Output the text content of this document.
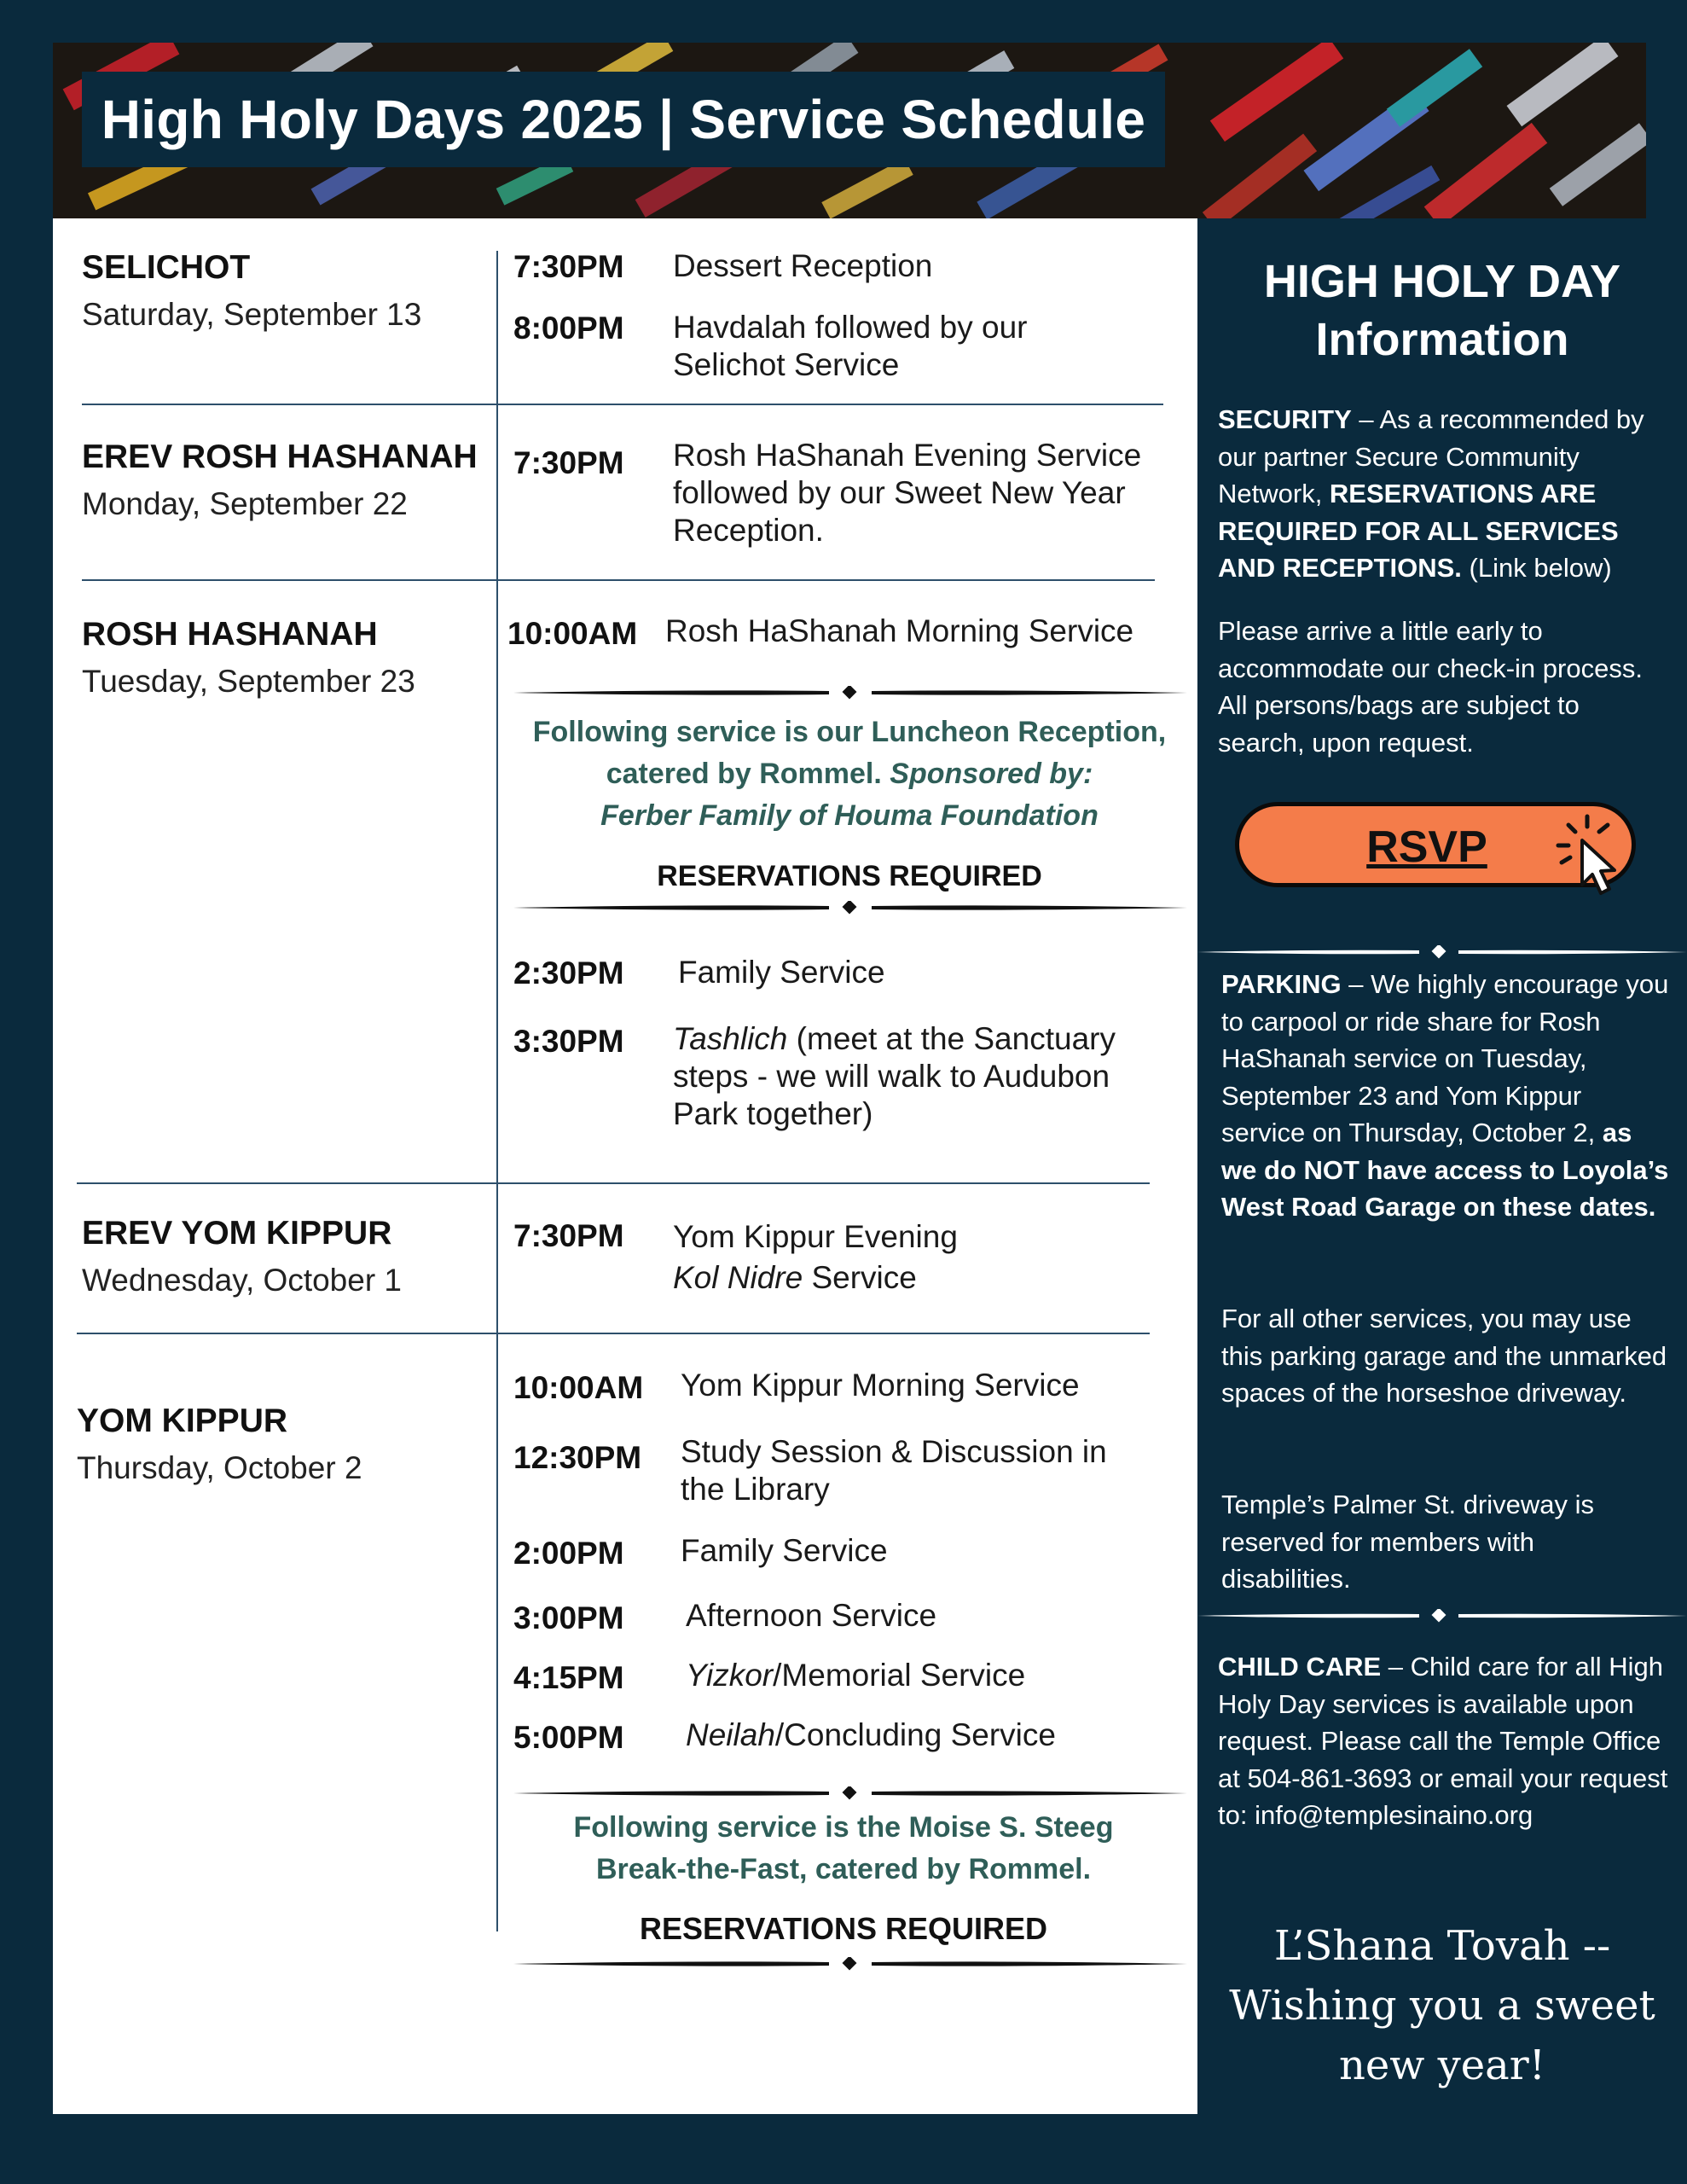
High Holy Days 2025 | Service Schedule
SELICHOT
Saturday, September 13
7:30PM Dessert Reception
8:00PM Havdalah followed by our
Selichot Service
EREV ROSH HASHANAH
Monday, September 22
7:30PM Rosh HaShanah Evening Service
followed by our Sweet New Year
Reception.
ROSH HASHANAH
Tuesday, September 23
10:00AM Rosh HaShanah Morning Service
Following service is our Luncheon Reception,
catered by Rommel. Sponsored by:
Ferber Family of Houma Foundation
RESERVATIONS REQUIRED
2:30PM Family Service
3:30PM Tashlich (meet at the Sanctuary
steps - we will walk to Audubon
Park together)
EREV YOM KIPPUR
Wednesday, October 1
7:30PM Yom Kippur Evening
Kol Nidre Service
YOM KIPPUR
Thursday, October 2
10:00AM Yom Kippur Morning Service
12:30PM Study Session & Discussion in
the Library
2:00PM Family Service
3:00PM Afternoon Service
4:15PM Yizkor/Memorial Service
5:00PM Neilah/Concluding Service
Following service is the Moise S. Steeg
Break-the-Fast, catered by Rommel.
RESERVATIONS REQUIRED
HIGH HOLY DAY
Information
SECURITY – As a recommended by our partner Secure Community Network, RESERVATIONS ARE REQUIRED FOR ALL SERVICES AND RECEPTIONS. (Link below)
Please arrive a little early to accommodate our check-in process. All persons/bags are subject to search, upon request.
RSVP
PARKING – We highly encourage you to carpool or ride share for Rosh HaShanah service on Tuesday, September 23 and Yom Kippur service on Thursday, October 2, as we do NOT have access to Loyola’s West Road Garage on these dates.
For all other services, you may use this parking garage and the unmarked spaces of the horseshoe driveway.
Temple’s Palmer St. driveway is reserved for members with disabilities.
CHILD CARE – Child care for all High Holy Day services is available upon request. Please call the Temple Office at 504-861-3693 or email your request to: info@templesinaino.org
L’Shana Tovah --
Wishing you a sweet
new year!
